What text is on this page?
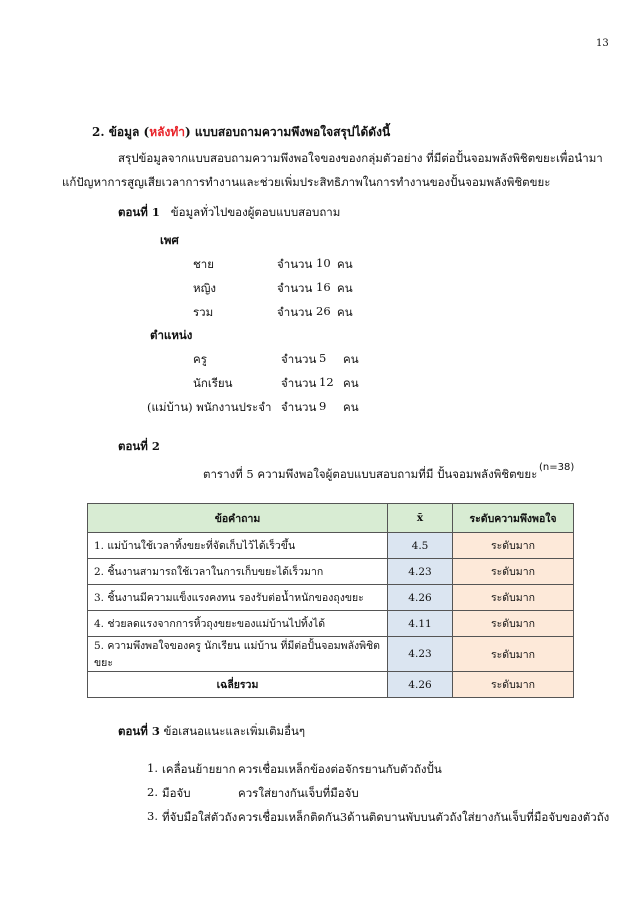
13
2. ข้อมูล (หลังทำ) แบบสอบถามความพึงพอใจสรุปได้ดังนี้
สรุปข้อมูลจากแบบสอบถามความพึงพอใจของของกลุ่มตัวอย่าง ที่มีต่อปั้นจอมพลังพิชิตขยะเพื่อนำมา
แก้ปัญหาการสูญเสียเวลาการทำงานและช่วยเพิ่มประสิทธิภาพในการทำงานของปั้นจอมพลังพิชิตขยะ
ตอนที่ 1 ข้อมูลทั่วไปของผู้ตอบแบบสอบถาม
เพศ
ชาย	จำนวน 10 คน
หญิง	จำนวน 16 คน
รวม	จำนวน 26 คน
ตำแหน่ง
ครู	จำนวน 5 คน
นักเรียน	จำนวน 12 คน
(แม่บ้าน) พนักงานประจำ จำนวน 9 คน
ตอนที่ 2
ตารางที่ 5 ความพึงพอใจผู้ตอบแบบสอบถามที่มี ปั้นจอมพลังพิชิตขยะ (n=38)
ข้อคำถาม	x̄	ระดับความพึงพอใจ
1. แม่บ้านใช้เวลาทิ้งขยะที่จัดเก็บไว้ได้เร็วขึ้น	4.5	ระดับมาก
2. ชิ้นงานสามารถใช้เวลาในการเก็บขยะได้เร็วมาก	4.23	ระดับมาก
3. ชิ้นงานมีความแข็งแรงคงทน รองรับต่อน้ำหนักของถุงขยะ	4.26	ระดับมาก
4. ช่วยลดแรงจากการหิ้วถุงขยะของแม่บ้านไปทิ้งได้	4.11	ระดับมาก
5. ความพึงพอใจของครู นักเรียน แม่บ้าน ที่มีต่อปั้นจอมพลังพิชิตขยะ	4.23	ระดับมาก
เฉลี่ยรวม	4.26	ระดับมาก
ตอนที่ 3 ข้อเสนอแนะและเพิ่มเติมอื่นๆ
1. เคลื่อนย้ายยาก ควรเชื่อมเหล็กข้องต่อจักรยานกับตัวถังปั้น
2. มือจับ	ควรใส่ยางกันเจ็บที่มือจับ
3. ที่จับมือใส่ตัวถัง ควรเชื่อมเหล็กติดกัน3ด้านติดบานพับบนตัวถังใส่ยางกันเจ็บที่มือจับของตัวถัง
